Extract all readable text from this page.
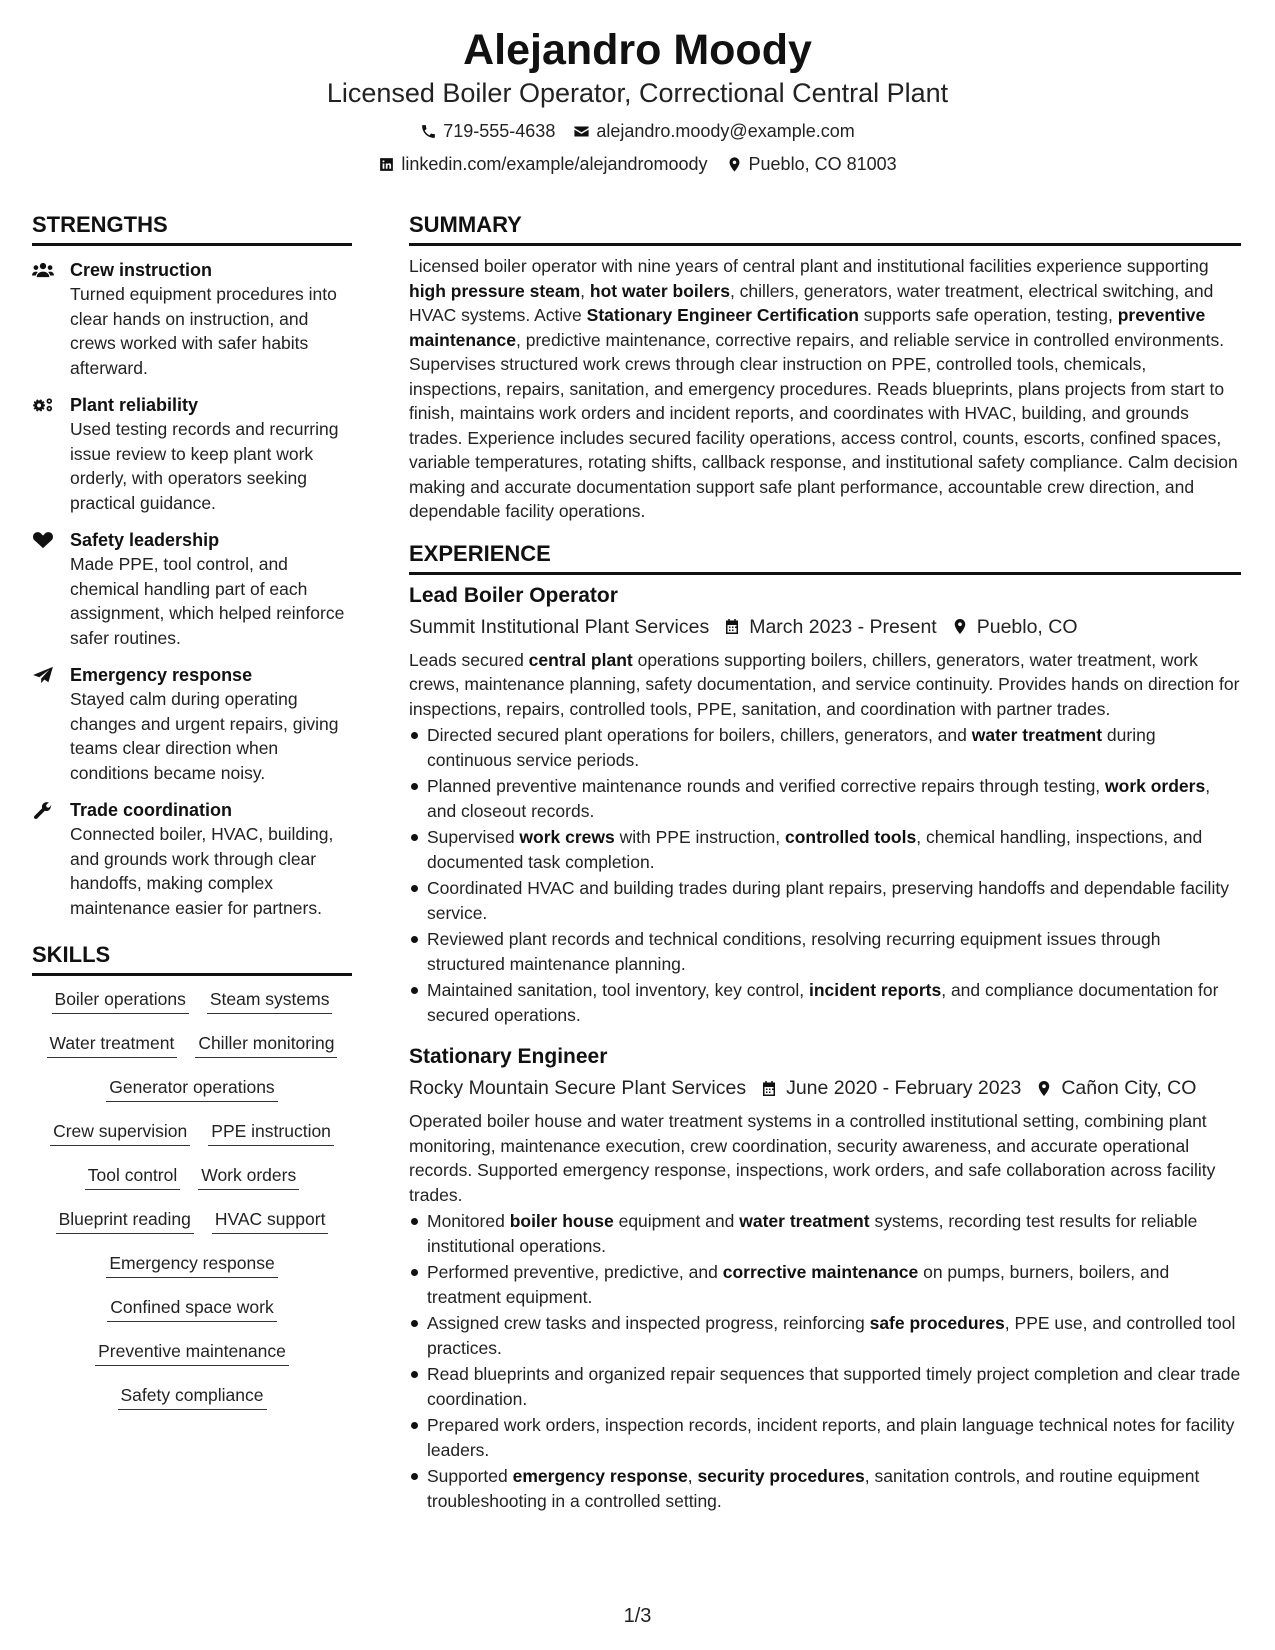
Alejandro Moody
Licensed Boiler Operator, Correctional Central Plant
719-555-4638 alejandro.moody@example.com
linkedin.com/example/alejandromoody Pueblo, CO 81003
STRENGTHS
Crew instruction
Turned equipment procedures into clear hands on instruction, and crews worked with safer habits afterward.
Plant reliability
Used testing records and recurring issue review to keep plant work orderly, with operators seeking practical guidance.
Safety leadership
Made PPE, tool control, and chemical handling part of each assignment, which helped reinforce safer routines.
Emergency response
Stayed calm during operating changes and urgent repairs, giving teams clear direction when conditions became noisy.
Trade coordination
Connected boiler, HVAC, building, and grounds work through clear handoffs, making complex maintenance easier for partners.
SKILLS
Boiler operations Steam systems
Water treatment Chiller monitoring
Generator operations
Crew supervision PPE instruction
Tool control Work orders
Blueprint reading HVAC support
Emergency response
Confined space work
Preventive maintenance
Safety compliance
SUMMARY

Licensed boiler operator with nine years of central plant and institutional facilities experience supporting high pressure steam, hot water boilers, chillers, generators, water treatment, electrical switching, and HVAC systems. Active Stationary Engineer Certification supports safe operation, testing, preventive maintenance, predictive maintenance, corrective repairs, and reliable service in controlled environments. Supervises structured work crews through clear instruction on PPE, controlled tools, chemicals, inspections, repairs, sanitation, and emergency procedures. Reads blueprints, plans projects from start to finish, maintains work orders and incident reports, and coordinates with HVAC, building, and grounds trades. Experience includes secured facility operations, access control, counts, escorts, confined spaces, variable temperatures, rotating shifts, callback response, and institutional safety compliance. Calm decision making and accurate documentation support safe plant performance, accountable crew direction, and dependable facility operations.

EXPERIENCE
Lead Boiler Operator
Summit Institutional Plant Services March 2023 - Present Pueblo, CO

Leads secured central plant operations supporting boilers, chillers, generators, water treatment, work crews, maintenance planning, safety documentation, and service continuity. Provides hands on direction for inspections, repairs, controlled tools, PPE, sanitation, and coordination with partner trades.

Directed secured plant operations for boilers, chillers, generators, and water treatment during continuous service periods.
Planned preventive maintenance rounds and verified corrective repairs through testing, work orders, and closeout records.
Supervised work crews with PPE instruction, controlled tools, chemical handling, inspections, and documented task completion.
Coordinated HVAC and building trades during plant repairs, preserving handoffs and dependable facility service.
Reviewed plant records and technical conditions, resolving recurring equipment issues through structured maintenance planning.
Maintained sanitation, tool inventory, key control, incident reports, and compliance documentation for secured operations.
Stationary Engineer
Rocky Mountain Secure Plant Services June 2020 - February 2023 Cañon City, CO

Operated boiler house and water treatment systems in a controlled institutional setting, combining plant monitoring, maintenance execution, crew coordination, security awareness, and accurate operational records. Supported emergency response, inspections, work orders, and safe collaboration across facility trades.

Monitored boiler house equipment and water treatment systems, recording test results for reliable institutional operations.
Performed preventive, predictive, and corrective maintenance on pumps, burners, boilers, and treatment equipment.
Assigned crew tasks and inspected progress, reinforcing safe procedures, PPE use, and controlled tool practices.
Read blueprints and organized repair sequences that supported timely project completion and clear trade coordination.
Prepared work orders, inspection records, incident reports, and plain language technical notes for facility leaders.
Supported emergency response, security procedures, sanitation controls, and routine equipment troubleshooting in a controlled setting.
1/3
